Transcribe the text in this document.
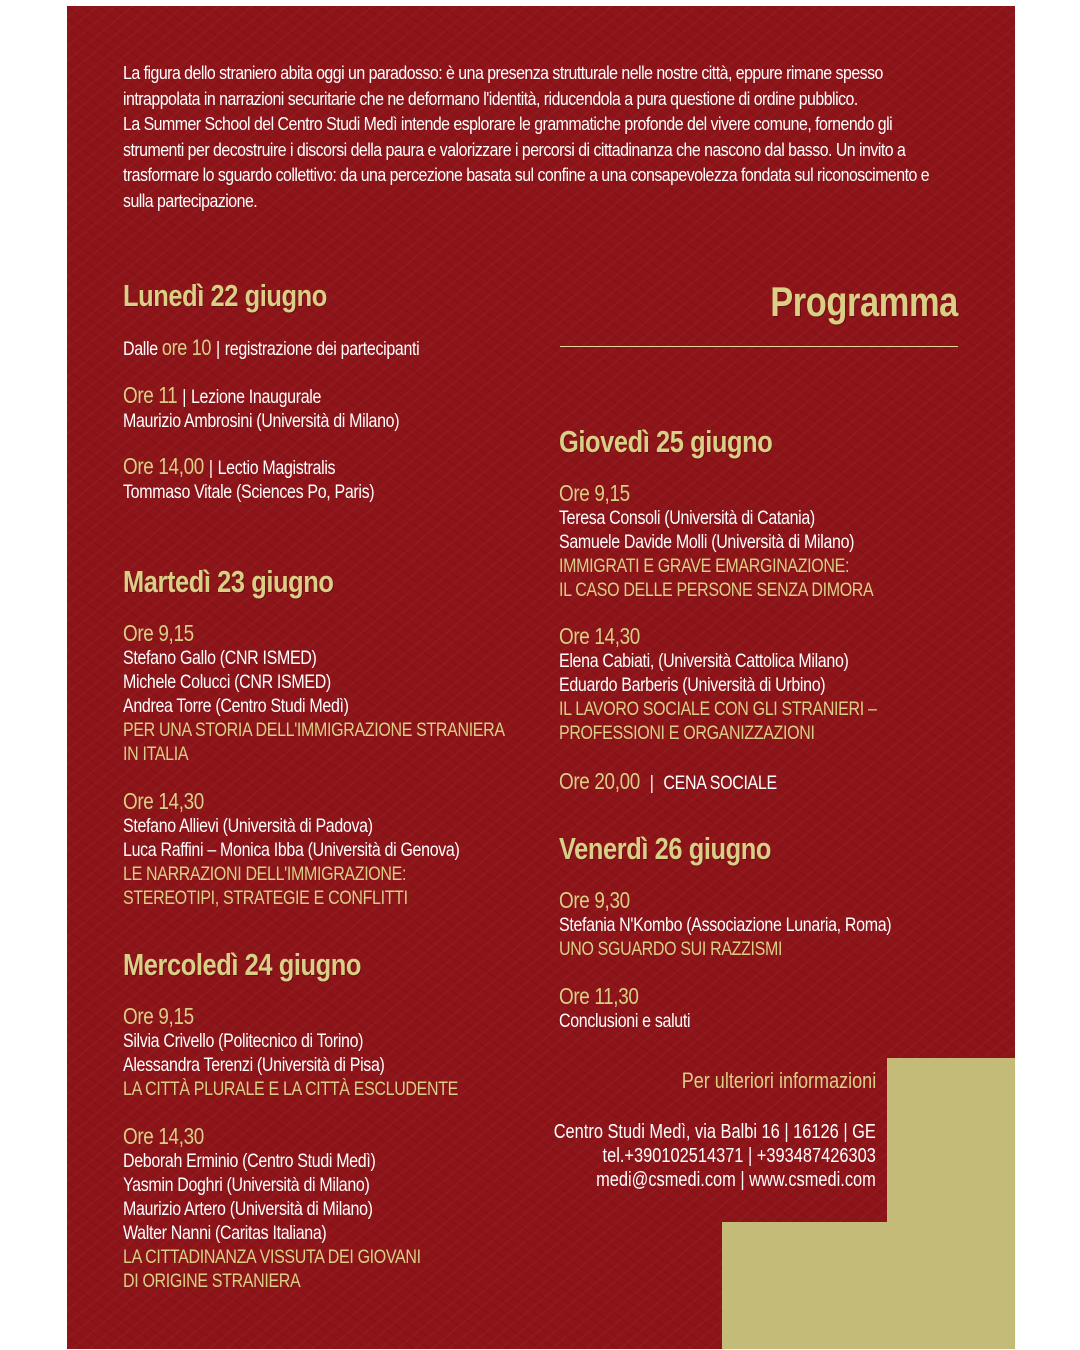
La figura dello straniero abita oggi un paradosso: è una presenza strutturale nelle nostre città, eppure rimane spesso intrappolata in narrazioni securitarie che ne deformano l'identità, riducendola a pura questione di ordine pubblico.

La Summer School del Centro Studi Medì intende esplorare le grammatiche profonde del vivere comune, fornendo gli strumenti per decostruire i discorsi della paura e valorizzare i percorsi di cittadinanza che nascono dal basso. Un invito a trasformare lo sguardo collettivo: da una percezione basata sul confine a una consapevolezza fondata sul riconoscimento e sulla partecipazione.

Programma
Lunedì 22 giugno
Dalle ore 10 | registrazione dei partecipanti
Ore 11 | Lezione Inaugurale
Maurizio Ambrosini (Università di Milano)
Ore 14,00 | Lectio Magistralis
Tommaso Vitale (Sciences Po, Paris)
Martedì 23 giugno
Ore 9,15
Stefano Gallo (CNR ISMED)
Michele Colucci (CNR ISMED)
Andrea Torre (Centro Studi Medì)
PER UNA STORIA DELL'IMMIGRAZIONE STRANIERA
IN ITALIA
Ore 14,30
Stefano Allievi (Università di Padova)
Luca Raffini – Monica Ibba (Università di Genova)
LE NARRAZIONI DELL'IMMIGRAZIONE:
STEREOTIPI, STRATEGIE E CONFLITTI
Mercoledì 24 giugno
Ore 9,15
Silvia Crivello (Politecnico di Torino)
Alessandra Terenzi (Università di Pisa)
LA CITTÀ PLURALE E LA CITTÀ ESCLUDENTE
Ore 14,30
Deborah Erminio (Centro Studi Medì)
Yasmin Doghri (Università di Milano)
Maurizio Artero (Università di Milano)
Walter Nanni (Caritas Italiana)
LA CITTADINANZA VISSUTA DEI GIOVANI
DI ORIGINE STRANIERA
Giovedì 25 giugno
Ore 9,15
Teresa Consoli (Università di Catania)
Samuele Davide Molli (Università di Milano)
IMMIGRATI E GRAVE EMARGINAZIONE:
IL CASO DELLE PERSONE SENZA DIMORA
Ore 14,30
Elena Cabiati, (Università Cattolica Milano)
Eduardo Barberis (Università di Urbino)
IL LAVORO SOCIALE CON GLI STRANIERI –
PROFESSIONI E ORGANIZZAZIONI
Ore 20,00 | CENA SOCIALE
Venerdì 26 giugno
Ore 9,30
Stefania N'Kombo (Associazione Lunaria, Roma)
UNO SGUARDO SUI RAZZISMI
Ore 11,30
Conclusioni e saluti
Per ulteriori informazioni
Centro Studi Medì, via Balbi 16 | 16126 | GE
tel.+390102514371 | +393487426303
medi@csmedi.com | www.csmedi.com
